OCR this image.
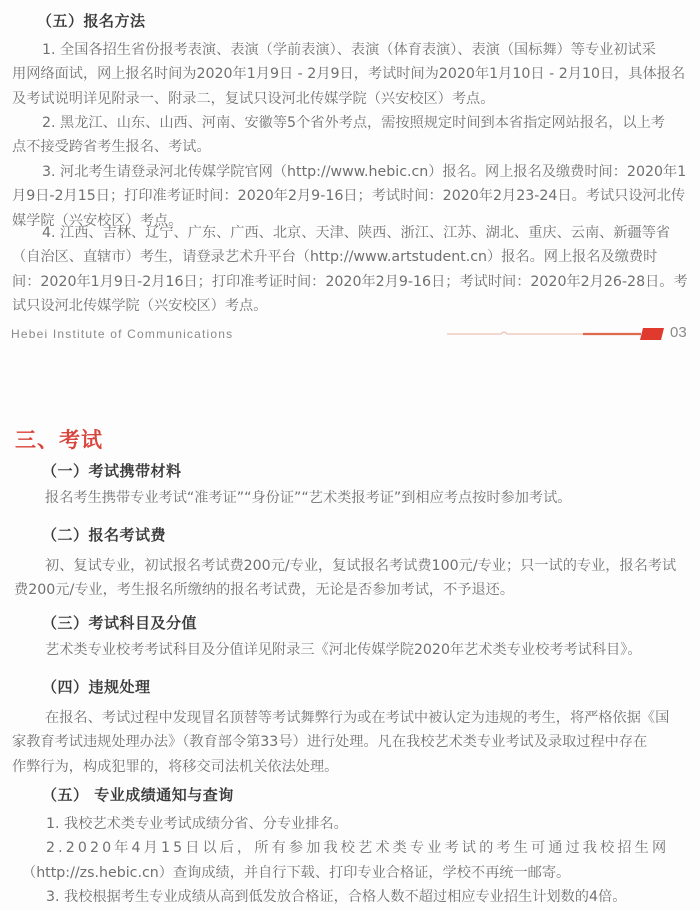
（五）报名方法
1. 全国各招生省份报考表演、表演（学前表演）、表演（体育表演）、表演（国标舞）等专业初试采
用网络面试，网上报名时间为2020年1月9日 - 2月9日，考试时间为2020年1月10日 - 2月10日，具体报名
及考试说明详见附录一、附录二，复试只设河北传媒学院（兴安校区）考点。
2. 黑龙江、山东、山西、河南、安徽等5个省外考点，需按照规定时间到本省指定网站报名，以上考
点不接受跨省考生报名、考试。
3. 河北考生请登录河北传媒学院官网（http://www.hebic.cn）报名。网上报名及缴费时间：2020年1
月9日-2月15日；打印准考证时间：2020年2月9-16日；考试时间：2020年2月23-24日。考试只设河北传
媒学院（兴安校区）考点。
4. 江西、吉林、辽宁、广东、广西、北京、天津、陕西、浙江、江苏、湖北、重庆、云南、新疆等省
（自治区、直辖市）考生，请登录艺术升平台（http://www.artstudent.cn）报名。网上报名及缴费时
间：2020年1月9日-2月16日；打印准考证时间：2020年2月9-16日；考试时间：2020年2月26-28日。考
试只设河北传媒学院（兴安校区）考点。
Hebei Institute of Communications	03
三、考试
（一）考试携带材料
报名考生携带专业考试“准考证”“身份证”“艺术类报考证”到相应考点按时参加考试。
（二）报名考试费
初、复试专业，初试报名考试费200元/专业，复试报名考试费100元/专业；只一试的专业，报名考试
费200元/专业，考生报名所缴纳的报名考试费，无论是否参加考试，不予退还。
（三）考试科目及分值
艺术类专业校考考试科目及分值详见附录三《河北传媒学院2020年艺术类专业校考考试科目》。
（四）违规处理
在报名、考试过程中发现冒名顶替等考试舞弊行为或在考试中被认定为违规的考生，将严格依据《国
家教育考试违规处理办法》（教育部令第33号）进行处理。凡在我校艺术类专业考试及录取过程中存在
作弊行为，构成犯罪的，将移交司法机关依法处理。
（五） 专业成绩通知与查询
1. 我校艺术类专业考试成绩分省、分专业排名。
2.2020年4月15日以后，所有参加我校艺术类专业考试的考生可通过我校招生网
（http://zs.hebic.cn）查询成绩，并自行下载、打印专业合格证，学校不再统一邮寄。
3. 我校根据考生专业成绩从高到低发放合格证，合格人数不超过相应专业招生计划数的4倍。
